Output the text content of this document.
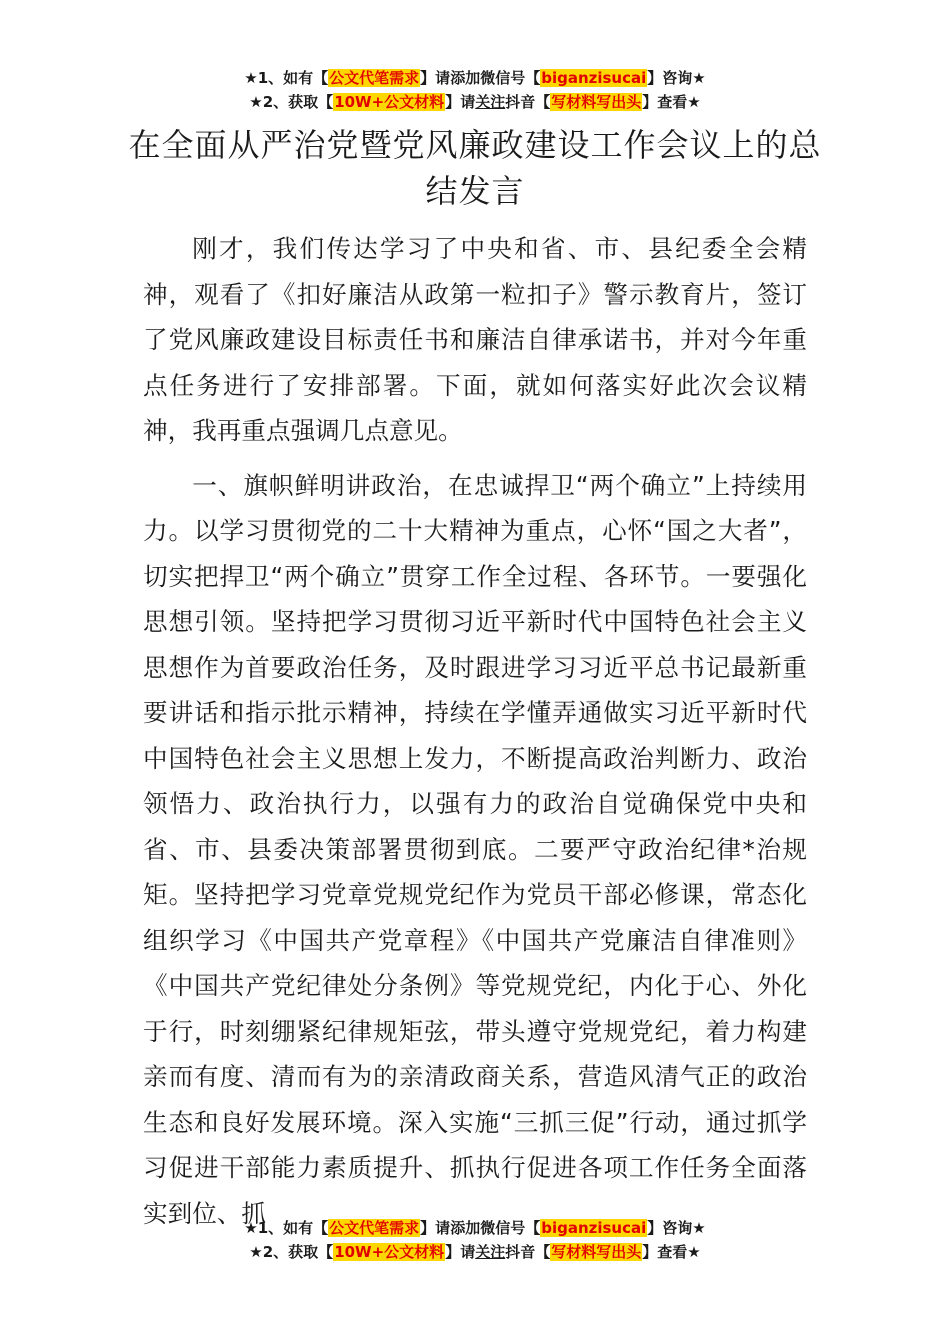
★1、如有【公文代笔需求】请添加微信号【biganzisucai】咨询★
★2、获取【10W+公文材料】请关注抖音【写材料写出头】查看★
在全面从严治党暨党风廉政建设工作会议上的总结发言

刚才，我们传达学习了中央和省、市、县纪委全会精神，观看了《扣好廉洁从政第一粒扣子》警示教育片，签订了党风廉政建设目标责任书和廉洁自律承诺书，并对今年重点任务进行了安排部署。下面，就如何落实好此次会议精神，我再重点强调几点意见。

一、旗帜鲜明讲政治，在忠诚捍卫“两个确立”上持续用力。以学习贯彻党的二十大精神为重点，心怀“国之大者”，切实把捍卫“两个确立”贯穿工作全过程、各环节。一要强化思想引领。坚持把学习贯彻习近平新时代中国特色社会主义思想作为首要政治任务，及时跟进学习习近平总书记最新重要讲话和指示批示精神，持续在学懂弄通做实习近平新时代中国特色社会主义思想上发力，不断提高政治判断力、政治领悟力、政治执行力，以强有力的政治自觉确保党中央和省、市、县委决策部署贯彻到底。二要严守政治纪律*治规矩。坚持把学习党章党规党纪作为党员干部必修课，常态化组织学习《中国共产党章程》《中国共产党廉洁自律准则》《中国共产党纪律处分条例》等党规党纪，内化于心、外化于行，时刻绷紧纪律规矩弦，带头遵守党规党纪，着力构建亲而有度、清而有为的亲清政商关系，营造风清气正的政治生态和良好发展环境。深入实施“三抓三促”行动，通过抓学习促进干部能力素质提升、抓执行促进各项工作任务全面落实到位、抓

★1、如有【公文代笔需求】请添加微信号【biganzisucai】咨询★
★2、获取【10W+公文材料】请关注抖音【写材料写出头】查看★
